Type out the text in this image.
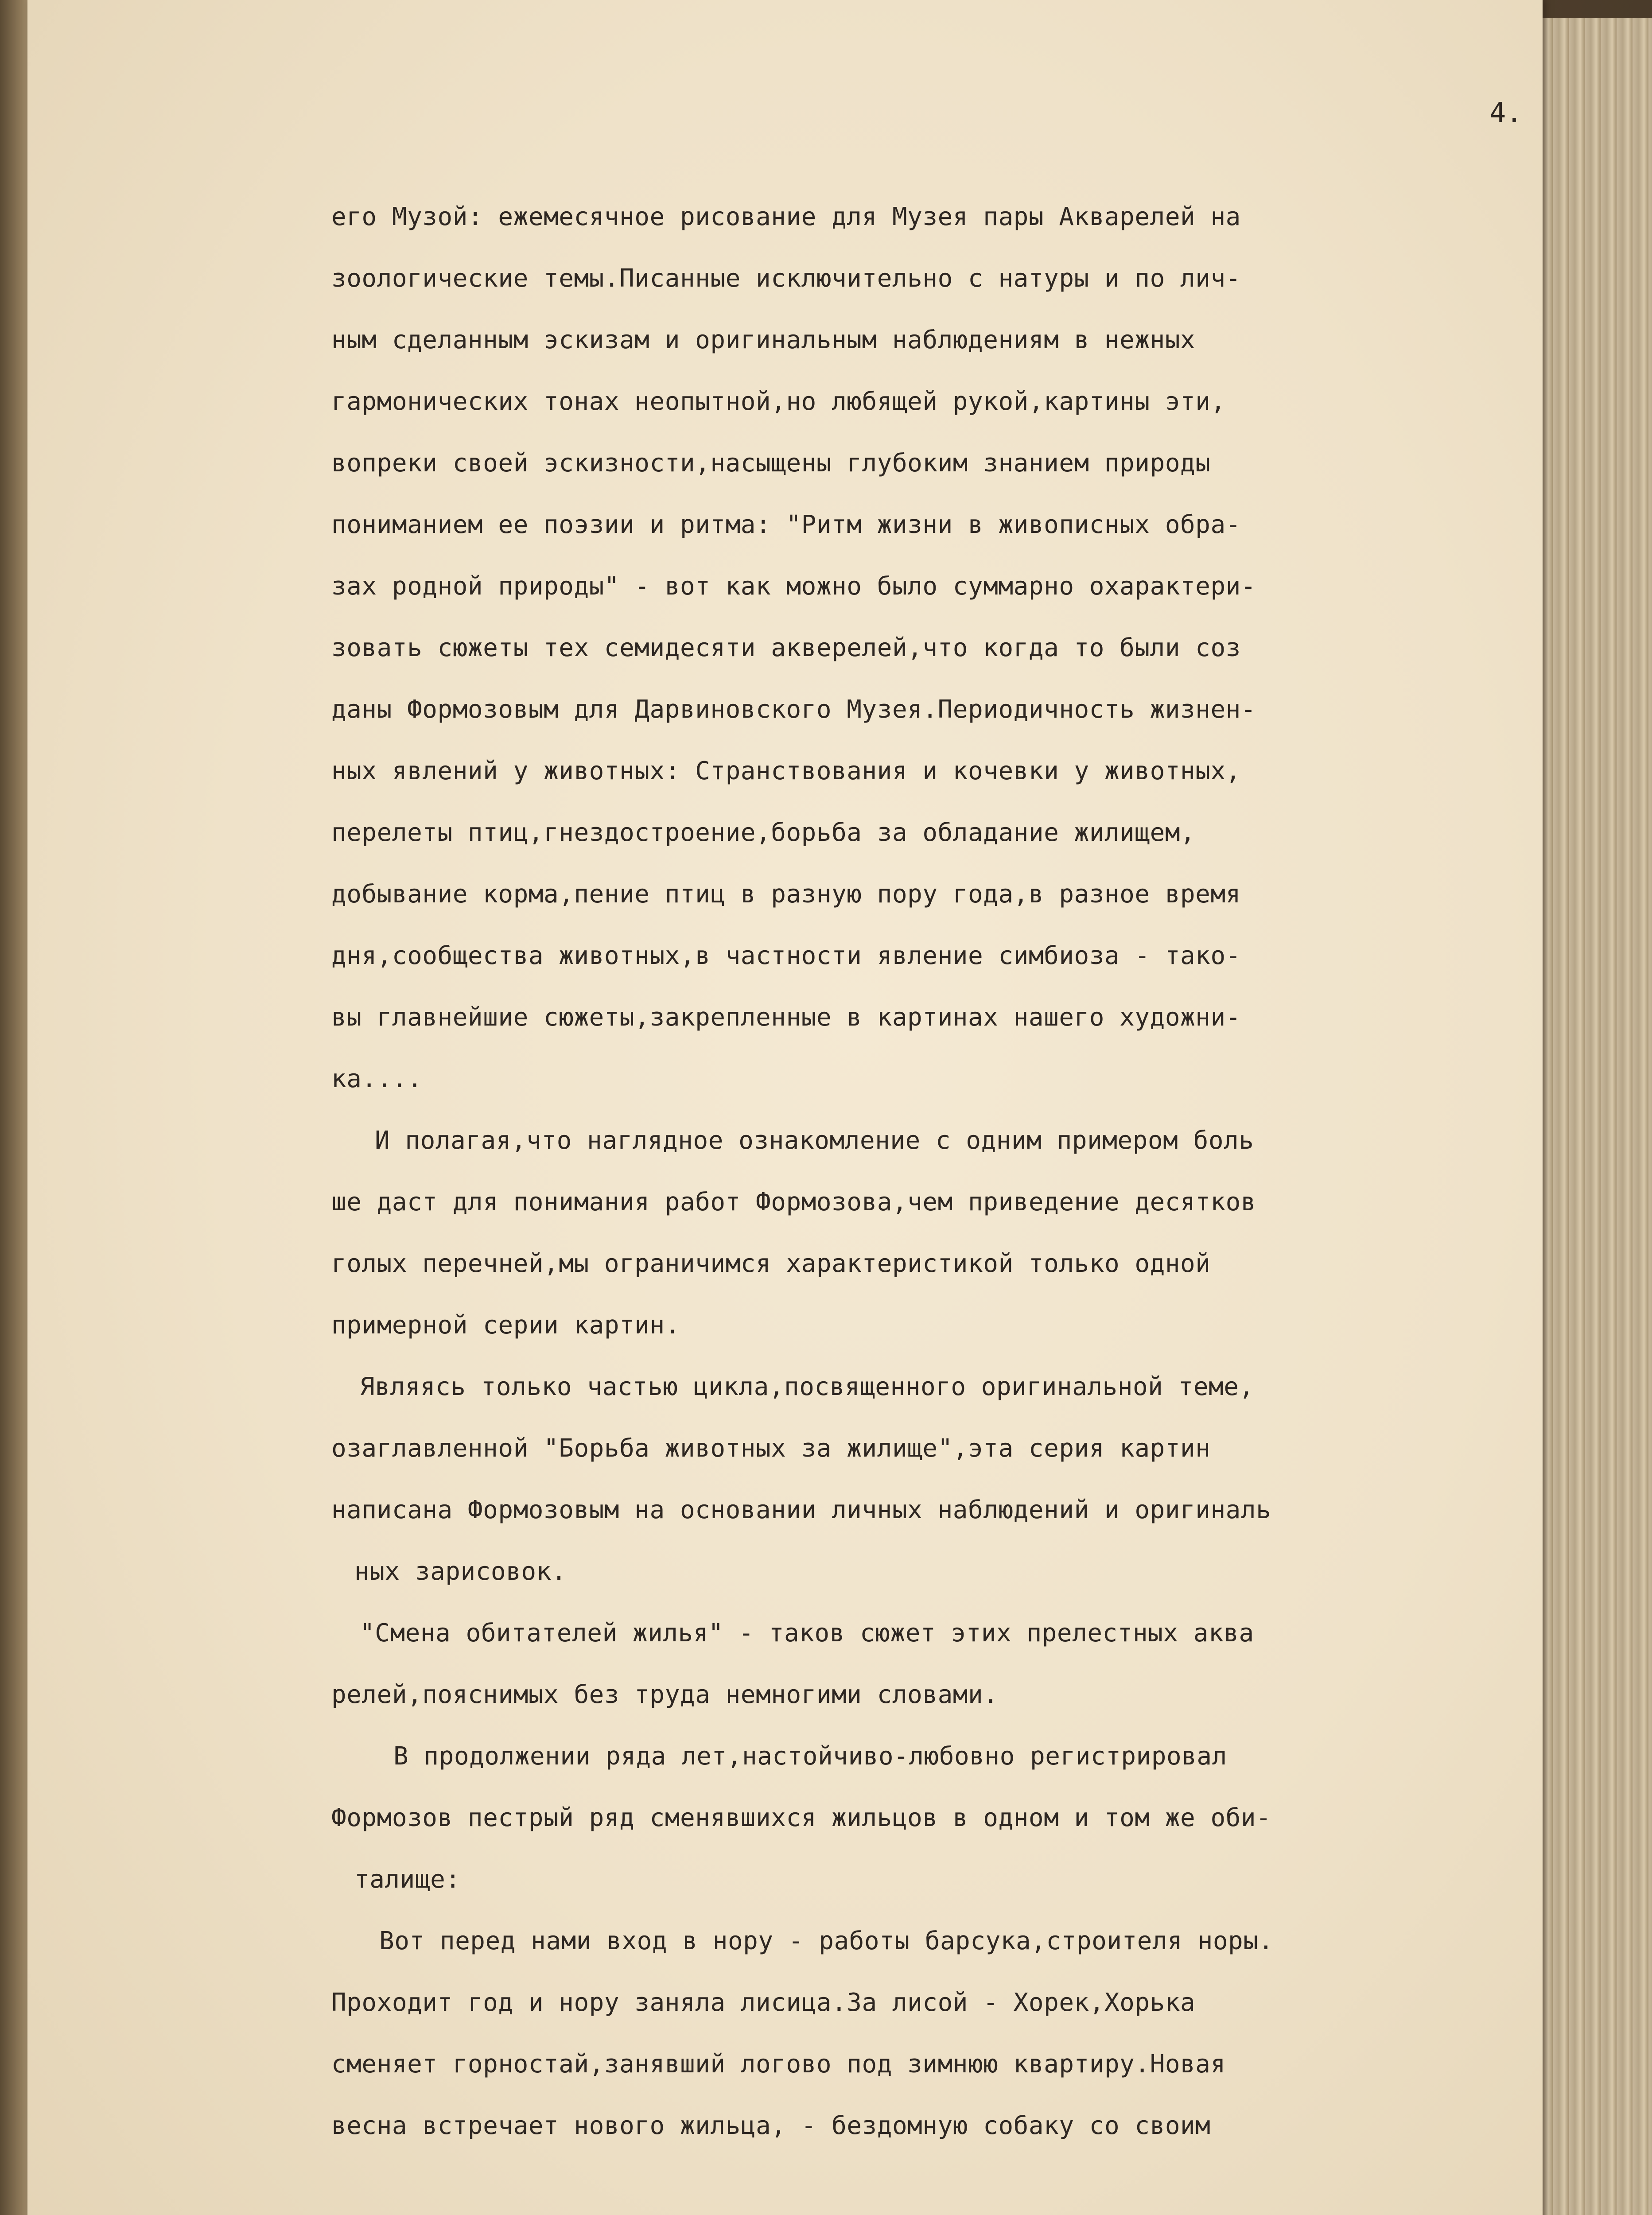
4.
его Музой: ежемесячное рисование для Музея пары Акварелей на
зоологические темы.Писанные исключительно с натуры и по лич-
ным сделанным эскизам и оригинальным наблюдениям в нежных
гармонических тонах неопытной,но любящей рукой,картины эти,
вопреки своей эскизности,насыщены глубоким знанием природы
пониманием ее поэзии и ритма: "Ритм жизни в живописных обра-
зах родной природы" - вот как можно было суммарно охарактери-
зовать сюжеты тех семидесяти акверелей,что когда то были соз
даны Формозовым для Дарвиновского Музея.Периодичность жизнен-
ных явлений у животных: Странствования и кочевки у животных,
перелеты птиц,гнездостроение,борьба за обладание жилищем,
добывание корма,пение птиц в разную пору года,в разное время
дня,сообщества животных,в частности явление симбиоза - тако-
вы главнейшие сюжеты,закрепленные в картинах нашего художни-
ка....
И полагая,что наглядное ознакомление с одним примером боль
ше даст для понимания работ Формозова,чем приведение десятков
голых перечней,мы ограничимся характеристикой только одной
примерной серии картин.
Являясь только частью цикла,посвященного оригинальной теме,
озаглавленной "Борьба животных за жилище",эта серия картин
написана Формозовым на основании личных наблюдений и оригиналь
ных зарисовок.
"Смена обитателей жилья" - таков сюжет этих прелестных аква
релей,пояснимых без труда немногими словами.
В продолжении ряда лет,настойчиво-любовно регистрировал
Формозов пестрый ряд сменявшихся жильцов в одном и том же оби-
талище:
Вот перед нами вход в нору - работы барсука,строителя норы.
Проходит год и нору заняла лисица.За лисой - Хорек,Хорька
сменяет горностай,занявший логово под зимнюю квартиру.Новая
весна встречает нового жильца, - бездомную собаку со своим
